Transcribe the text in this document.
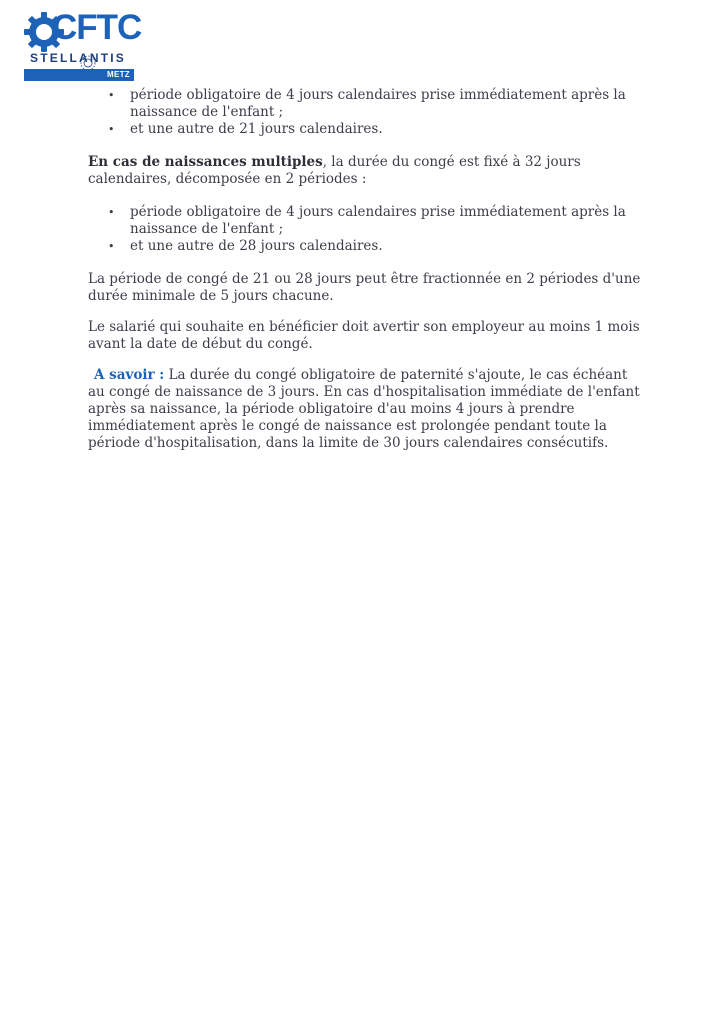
CFTC
STELLANTIS
METZ
• période obligatoire de 4 jours calendaires prise immédiatement après la naissance de l'enfant ;
• et une autre de 21 jours calendaires.

En cas de naissances multiples, la durée du congé est fixé à 32 jours calendaires, décomposée en 2 périodes :

• période obligatoire de 4 jours calendaires prise immédiatement après la naissance de l'enfant ;
• et une autre de 28 jours calendaires.

La période de congé de 21 ou 28 jours peut être fractionnée en 2 périodes d'une durée minimale de 5 jours chacune.

Le salarié qui souhaite en bénéficier doit avertir son employeur au moins 1 mois avant la date de début du congé.

A savoir : La durée du congé obligatoire de paternité s'ajoute, le cas échéant au congé de naissance de 3 jours. En cas d'hospitalisation immédiate de l'enfant après sa naissance, la période obligatoire d'au moins 4 jours à prendre immédiatement après le congé de naissance est prolongée pendant toute la période d'hospitalisation, dans la limite de 30 jours calendaires consécutifs.
